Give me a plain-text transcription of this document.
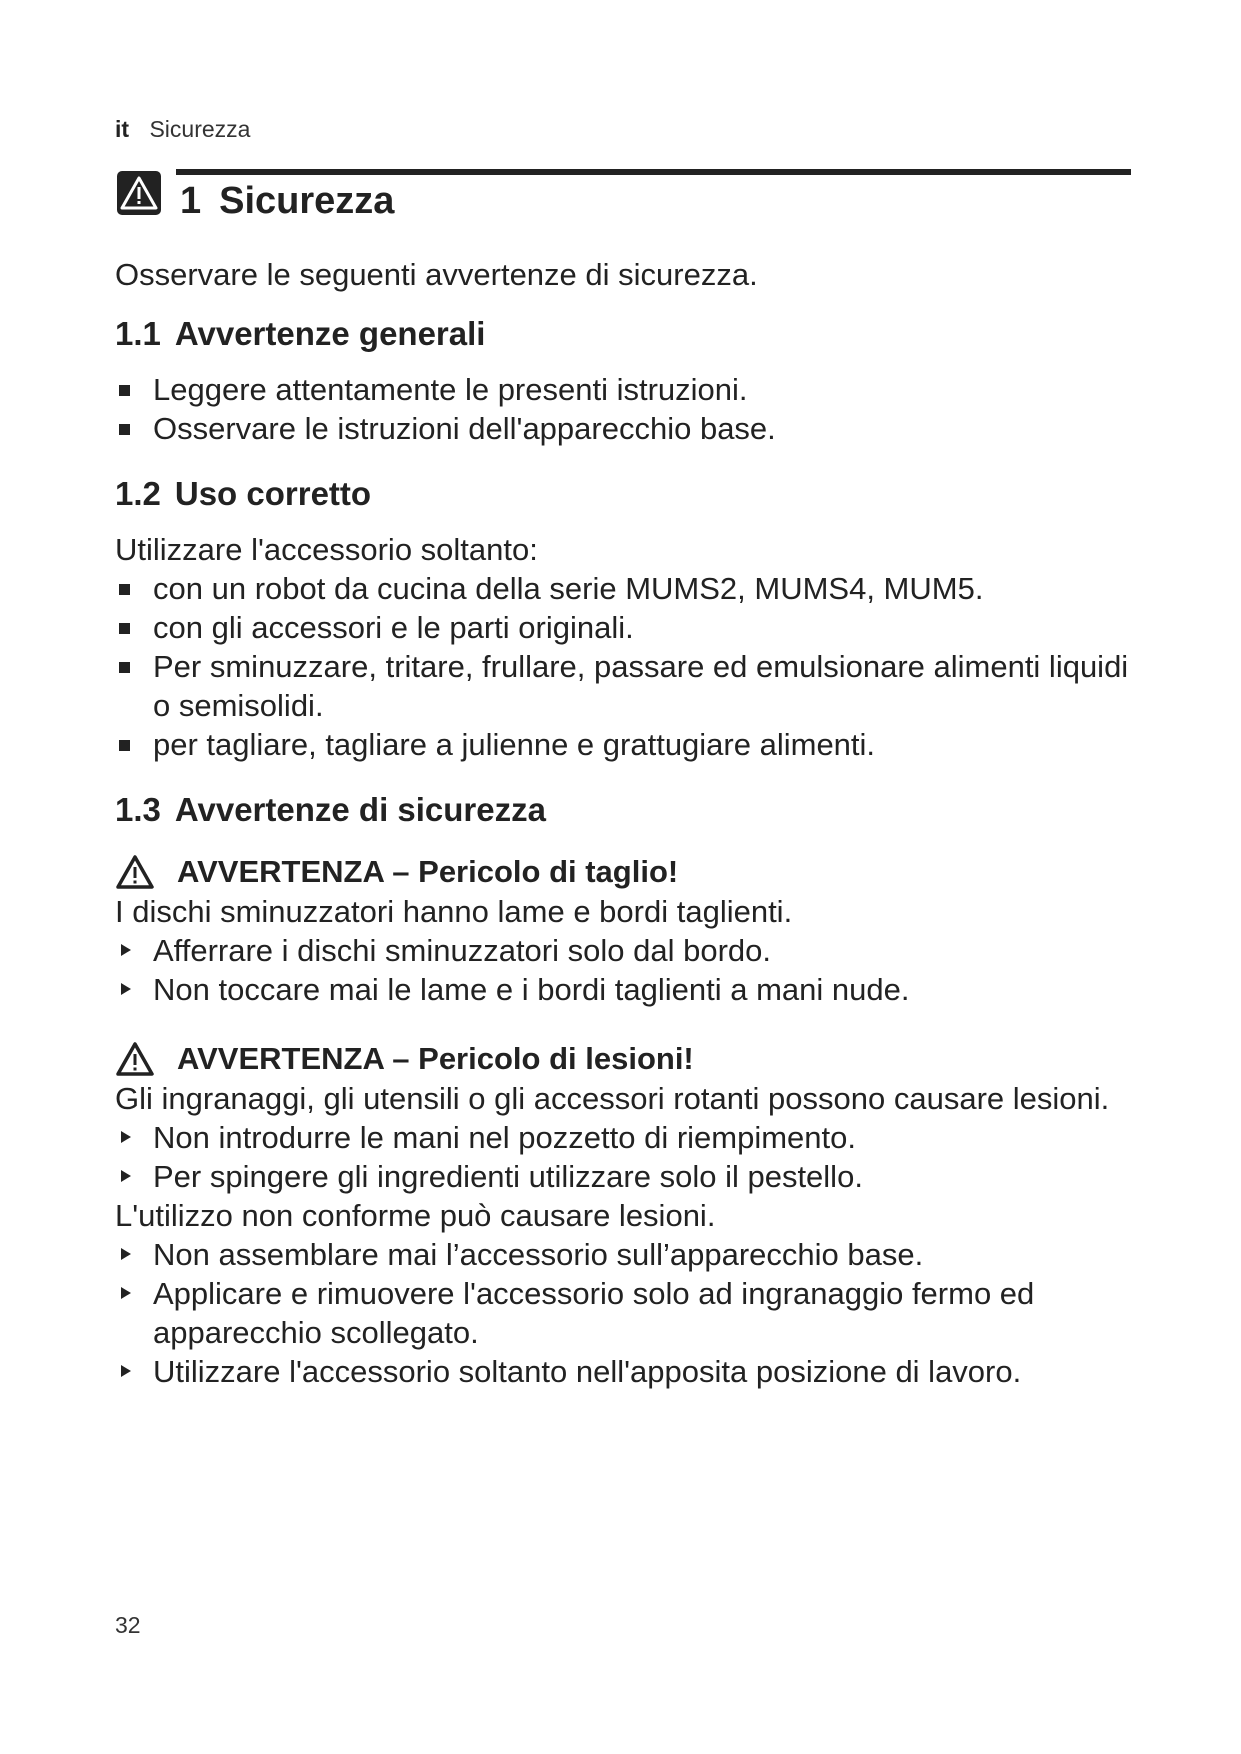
it Sicurezza
1 Sicurezza

Osservare le seguenti avvertenze di sicurezza.

1.1 Avvertenze generali
Leggere attentamente le presenti istruzioni.
Osservare le istruzioni dell'apparecchio base.
1.2 Uso corretto

Utilizzare l'accessorio soltanto:

con un robot da cucina della serie MUMS2, MUMS4, MUM5.
con gli accessori e le parti originali.
Per sminuzzare, tritare, frullare, passare ed emulsionare alimenti liquidi o semisolidi.
per tagliare, tagliare a julienne e grattugiare alimenti.
1.3 Avvertenze di sicurezza
AVVERTENZA – Pericolo di taglio!

I dischi sminuzzatori hanno lame e bordi taglienti.

Afferrare i dischi sminuzzatori solo dal bordo.
Non toccare mai le lame e i bordi taglienti a mani nude.
AVVERTENZA – Pericolo di lesioni!

Gli ingranaggi, gli utensili o gli accessori rotanti possono causare lesioni.

Non introdurre le mani nel pozzetto di riempimento.
Per spingere gli ingredienti utilizzare solo il pestello.

L'utilizzo non conforme può causare lesioni.

Non assemblare mai l’accessorio sull’apparecchio base.
Applicare e rimuovere l'accessorio solo ad ingranaggio fermo ed apparecchio scollegato.
Utilizzare l'accessorio soltanto nell'apposita posizione di lavoro.
32
